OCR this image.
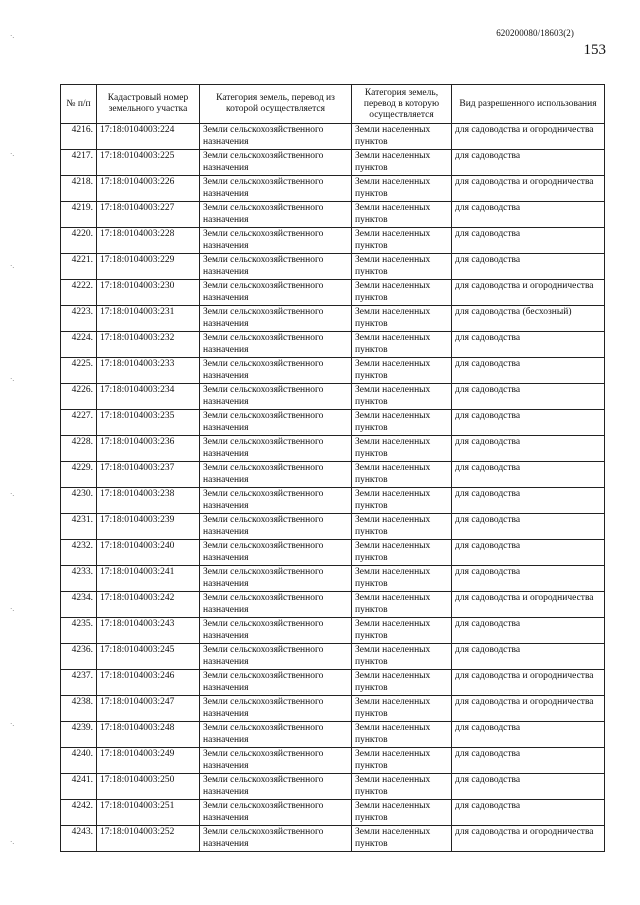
620200080/18603(2)
153
·.
·.
·.
·.
·.
·.
·.
·.
№ п/п	Кадастровый номер земельного участка	Категория земель, перевод из которой осуществляется	Категория земель, перевод в которую осуществляется	Вид разрешенного использования
4216.	17:18:0104003:224	Земли сельскохозяйственного назначения	Земли населенных пунктов	для садоводства и огородничества
4217.	17:18:0104003:225	Земли сельскохозяйственного назначения	Земли населенных пунктов	для садоводства
4218.	17:18:0104003:226	Земли сельскохозяйственного назначения	Земли населенных пунктов	для садоводства и огородничества
4219.	17:18:0104003:227	Земли сельскохозяйственного назначения	Земли населенных пунктов	для садоводства
4220.	17:18:0104003:228	Земли сельскохозяйственного назначения	Земли населенных пунктов	для садоводства
4221.	17:18:0104003:229	Земли сельскохозяйственного назначения	Земли населенных пунктов	для садоводства
4222.	17:18:0104003:230	Земли сельскохозяйственного назначения	Земли населенных пунктов	для садоводства и огородничества
4223.	17:18:0104003:231	Земли сельскохозяйственного назначения	Земли населенных пунктов	для садоводства (бесхозный)
4224.	17:18:0104003:232	Земли сельскохозяйственного назначения	Земли населенных пунктов	для садоводства
4225.	17:18:0104003:233	Земли сельскохозяйственного назначения	Земли населенных пунктов	для садоводства
4226.	17:18:0104003:234	Земли сельскохозяйственного назначения	Земли населенных пунктов	для садоводства
4227.	17:18:0104003:235	Земли сельскохозяйственного назначения	Земли населенных пунктов	для садоводства
4228.	17:18:0104003:236	Земли сельскохозяйственного назначения	Земли населенных пунктов	для садоводства
4229.	17:18:0104003:237	Земли сельскохозяйственного назначения	Земли населенных пунктов	для садоводства
4230.	17:18:0104003:238	Земли сельскохозяйственного назначения	Земли населенных пунктов	для садоводства
4231.	17:18:0104003:239	Земли сельскохозяйственного назначения	Земли населенных пунктов	для садоводства
4232.	17:18:0104003:240	Земли сельскохозяйственного назначения	Земли населенных пунктов	для садоводства
4233.	17:18:0104003:241	Земли сельскохозяйственного назначения	Земли населенных пунктов	для садоводства
4234.	17:18:0104003:242	Земли сельскохозяйственного назначения	Земли населенных пунктов	для садоводства и огородничества
4235.	17:18:0104003:243	Земли сельскохозяйственного назначения	Земли населенных пунктов	для садоводства
4236.	17:18:0104003:245	Земли сельскохозяйственного назначения	Земли населенных пунктов	для садоводства
4237.	17:18:0104003:246	Земли сельскохозяйственного назначения	Земли населенных пунктов	для садоводства и огородничества
4238.	17:18:0104003:247	Земли сельскохозяйственного назначения	Земли населенных пунктов	для садоводства и огородничества
4239.	17:18:0104003:248	Земли сельскохозяйственного назначения	Земли населенных пунктов	для садоводства
4240.	17:18:0104003:249	Земли сельскохозяйственного назначения	Земли населенных пунктов	для садоводства
4241.	17:18:0104003:250	Земли сельскохозяйственного назначения	Земли населенных пунктов	для садоводства
4242.	17:18:0104003:251	Земли сельскохозяйственного назначения	Земли населенных пунктов	для садоводства
4243.	17:18:0104003:252	Земли сельскохозяйственного назначения	Земли населенных пунктов	для садоводства и огородничества
